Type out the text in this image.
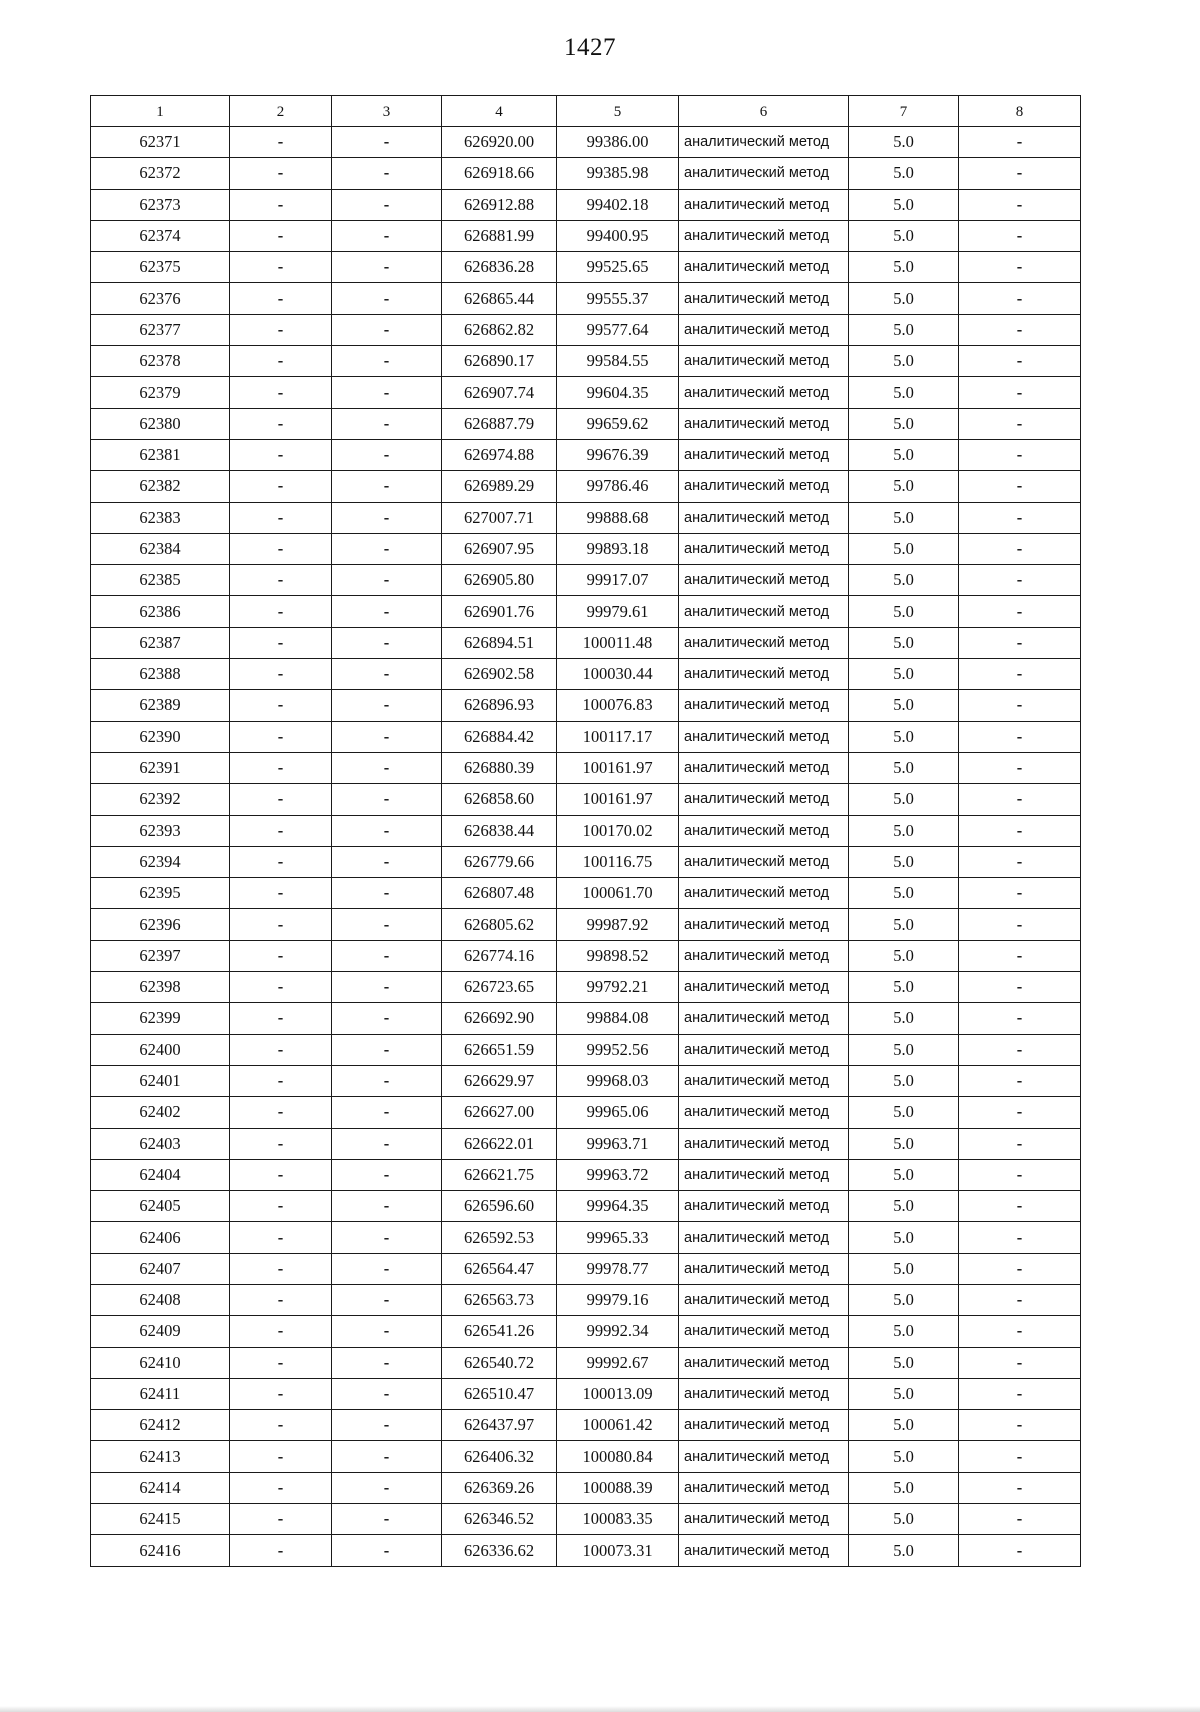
1427
1	2	3	4	5	6	7	8
62371	-	-	626920.00	99386.00	аналитический метод	5.0	-
62372	-	-	626918.66	99385.98	аналитический метод	5.0	-
62373	-	-	626912.88	99402.18	аналитический метод	5.0	-
62374	-	-	626881.99	99400.95	аналитический метод	5.0	-
62375	-	-	626836.28	99525.65	аналитический метод	5.0	-
62376	-	-	626865.44	99555.37	аналитический метод	5.0	-
62377	-	-	626862.82	99577.64	аналитический метод	5.0	-
62378	-	-	626890.17	99584.55	аналитический метод	5.0	-
62379	-	-	626907.74	99604.35	аналитический метод	5.0	-
62380	-	-	626887.79	99659.62	аналитический метод	5.0	-
62381	-	-	626974.88	99676.39	аналитический метод	5.0	-
62382	-	-	626989.29	99786.46	аналитический метод	5.0	-
62383	-	-	627007.71	99888.68	аналитический метод	5.0	-
62384	-	-	626907.95	99893.18	аналитический метод	5.0	-
62385	-	-	626905.80	99917.07	аналитический метод	5.0	-
62386	-	-	626901.76	99979.61	аналитический метод	5.0	-
62387	-	-	626894.51	100011.48	аналитический метод	5.0	-
62388	-	-	626902.58	100030.44	аналитический метод	5.0	-
62389	-	-	626896.93	100076.83	аналитический метод	5.0	-
62390	-	-	626884.42	100117.17	аналитический метод	5.0	-
62391	-	-	626880.39	100161.97	аналитический метод	5.0	-
62392	-	-	626858.60	100161.97	аналитический метод	5.0	-
62393	-	-	626838.44	100170.02	аналитический метод	5.0	-
62394	-	-	626779.66	100116.75	аналитический метод	5.0	-
62395	-	-	626807.48	100061.70	аналитический метод	5.0	-
62396	-	-	626805.62	99987.92	аналитический метод	5.0	-
62397	-	-	626774.16	99898.52	аналитический метод	5.0	-
62398	-	-	626723.65	99792.21	аналитический метод	5.0	-
62399	-	-	626692.90	99884.08	аналитический метод	5.0	-
62400	-	-	626651.59	99952.56	аналитический метод	5.0	-
62401	-	-	626629.97	99968.03	аналитический метод	5.0	-
62402	-	-	626627.00	99965.06	аналитический метод	5.0	-
62403	-	-	626622.01	99963.71	аналитический метод	5.0	-
62404	-	-	626621.75	99963.72	аналитический метод	5.0	-
62405	-	-	626596.60	99964.35	аналитический метод	5.0	-
62406	-	-	626592.53	99965.33	аналитический метод	5.0	-
62407	-	-	626564.47	99978.77	аналитический метод	5.0	-
62408	-	-	626563.73	99979.16	аналитический метод	5.0	-
62409	-	-	626541.26	99992.34	аналитический метод	5.0	-
62410	-	-	626540.72	99992.67	аналитический метод	5.0	-
62411	-	-	626510.47	100013.09	аналитический метод	5.0	-
62412	-	-	626437.97	100061.42	аналитический метод	5.0	-
62413	-	-	626406.32	100080.84	аналитический метод	5.0	-
62414	-	-	626369.26	100088.39	аналитический метод	5.0	-
62415	-	-	626346.52	100083.35	аналитический метод	5.0	-
62416	-	-	626336.62	100073.31	аналитический метод	5.0	-
